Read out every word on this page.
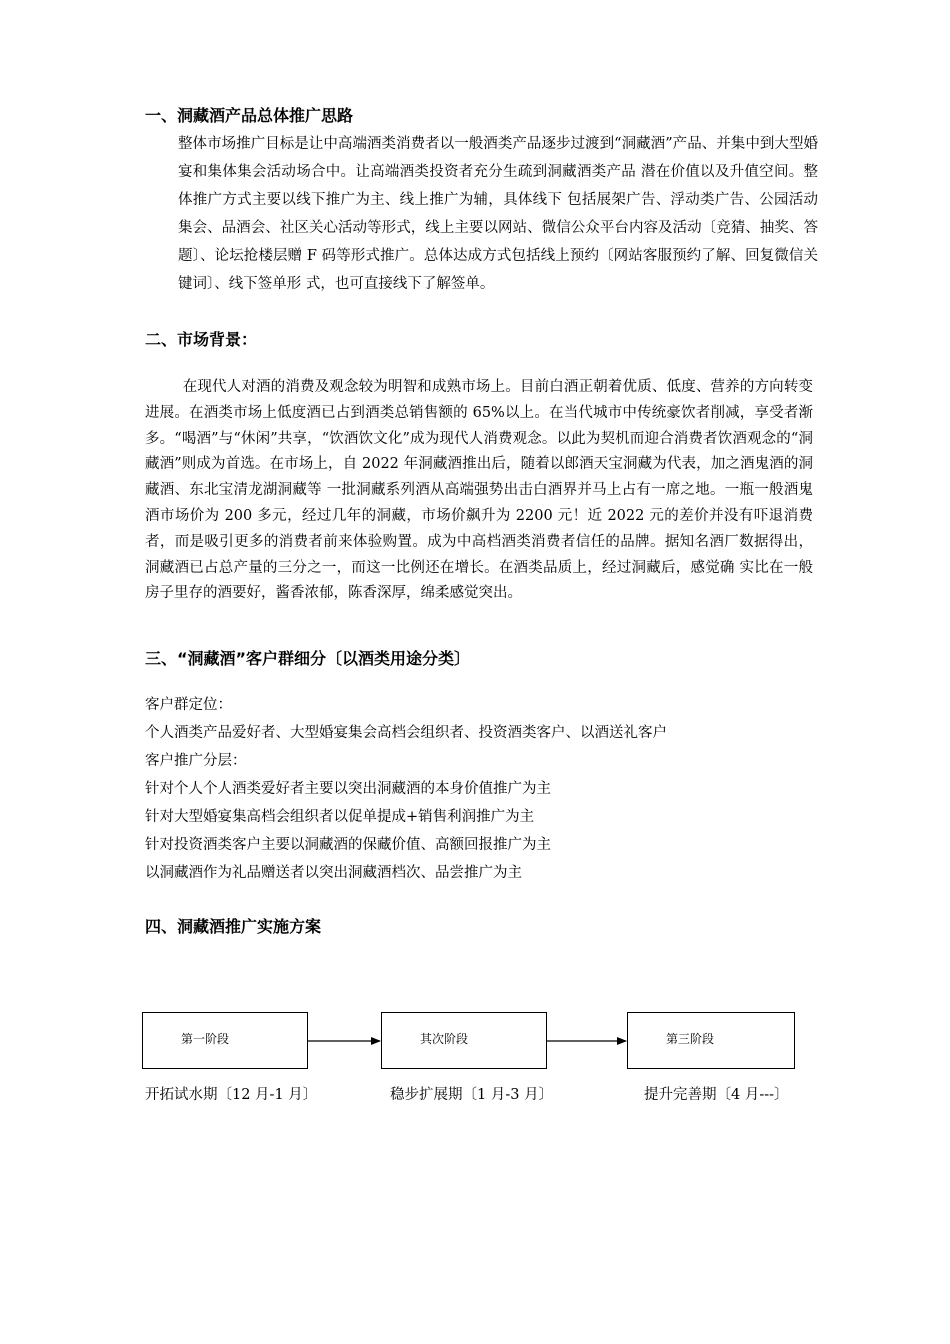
一、洞藏酒产品总体推广思路

整体市场推广目标是让中高端酒类消费者以一般酒类产品逐步过渡到“洞藏酒”产品、并集中到大型婚宴和集体集会活动场合中。让高端酒类投资者充分生疏到洞藏酒类产品 潜在价值以及升值空间。整体推广方式主要以线下推广为主、线上推广为辅，具体线下 包括展架广告、浮动类广告、公园活动集会、品酒会、社区关心活动等形式，线上主要以网站、微信公众平台内容及活动〔竞猜、抽奖、答题〕、论坛抢楼层赠 F 码等形式推广。总体达成方式包括线上预约〔网站客服预约了解、回复微信关键词〕、线下签单形 式，也可直接线下了解签单。

二、市场背景：

在现代人对酒的消费及观念较为明智和成熟市场上。目前白酒正朝着优质、低度、营养的方向转变进展。在酒类市场上低度酒已占到酒类总销售额的 65%以上。在当代城市中传统豪饮者削减，享受者渐多。“喝酒”与“休闲”共享，“饮酒饮文化”成为现代人消费观念。以此为契机而迎合消费者饮酒观念的“洞藏酒”则成为首选。在市场上，自 2022 年洞藏酒推出后，随着以郎酒天宝洞藏为代表，加之酒鬼酒的洞藏酒、东北宝清龙湖洞藏等 一批洞藏系列酒从高端强势出击白酒界并马上占有一席之地。一瓶一般酒鬼酒市场价为 200 多元，经过几年的洞藏，市场价飙升为 2200 元！近 2022 元的差价并没有吓退消费者，而是吸引更多的消费者前来体验购置。成为中高档酒类消费者信任的品牌。据知名酒厂数据得出， 洞藏酒已占总产量的三分之一，而这一比例还在增长。在酒类品质上，经过洞藏后，感觉确 实比在一般房子里存的酒要好，酱香浓郁，陈香深厚，绵柔感觉突出。

三、“洞藏酒”客户群细分〔以酒类用途分类〕
客户群定位：
个人酒类产品爱好者、大型婚宴集会高档会组织者、投资酒类客户、以酒送礼客户
客户推广分层：
针对个人个人酒类爱好者主要以突出洞藏酒的本身价值推广为主
针对大型婚宴集高档会组织者以促单提成+销售利润推广为主
针对投资酒类客户主要以洞藏酒的保藏价值、高额回报推广为主
以洞藏酒作为礼品赠送者以突出洞藏酒档次、品尝推广为主
四、洞藏酒推广实施方案
第一阶段	其次阶段	第三阶段
开拓试水期〔12 月-1 月〕	稳步扩展期〔1 月-3 月〕	提升完善期〔4 月---〕
